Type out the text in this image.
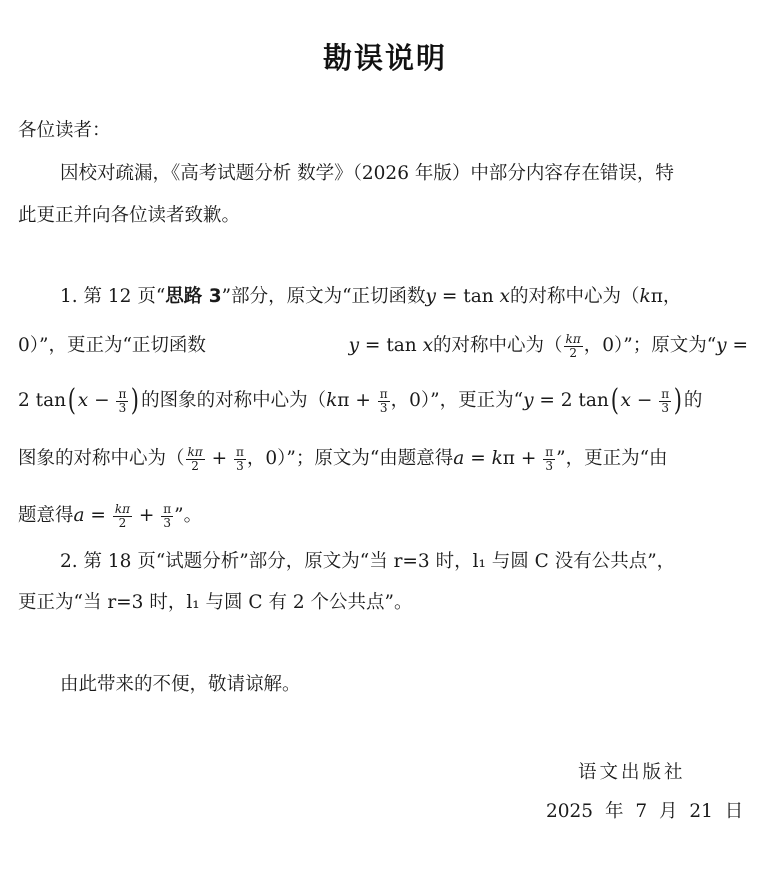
勘误说明
各位读者：
因校对疏漏，《高考试题分析 数学》（2026 年版）中部分内容存在错误，特
此更正并向各位读者致歉。
1. 第 12 页“思路 3”部分，原文为“正切函数y = tan x的对称中心为（kπ，
0）”，更正为“正切函数	y = tan x的对称中心为（ $\frac{k\pi}{2}$ ，0）”；原文为“y =
2 $\tan(x - \frac{\pi}{3}$ )的图象的对称中心为（$k\pi + \frac{\pi}{3}$ ，0）”，更正为“y = 2 $\tan(x - \frac{\pi}{3}$ )的
图象的对称中心为（ $\frac{k\pi}{2} + \frac{\pi}{3}$ ，0）”；原文为“由题意得$a = k\pi + \frac{\pi}{3}$ ”，更正为“由
题意得$a = \frac{k\pi}{2} + \frac{\pi}{3}$ ”。
2. 第 18 页“试题分析”部分，原文为“当 r=3 时，l₁ 与圆 C 没有公共点”，
更正为“当 r=3 时，l₁ 与圆 C 有 2 个公共点”。
由此带来的不便，敬请谅解。
语文出版社
2025 年 7 月 21 日
